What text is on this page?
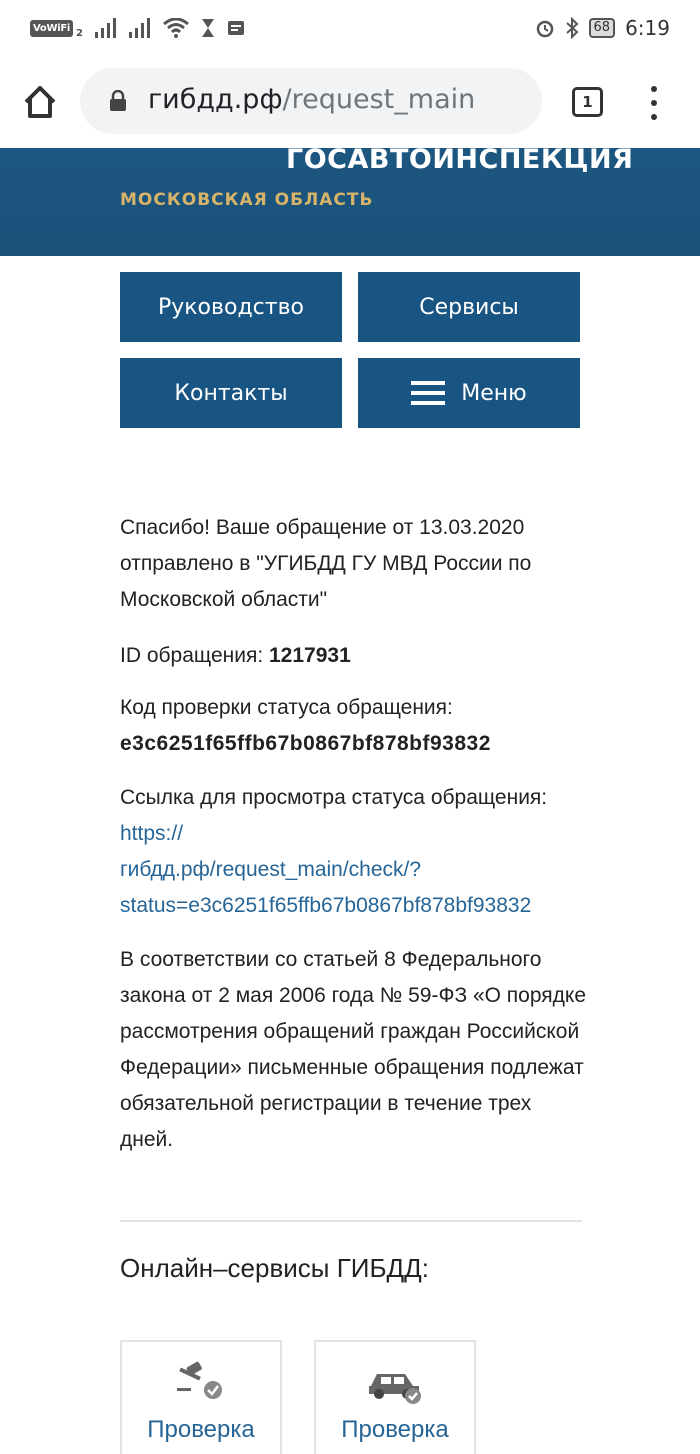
VoWiFi 2	68 6:19
гибдд.рф/request_main	1
ГОСАВТОИНСПЕКЦИЯ
МОСКОВСКАЯ ОБЛАСТЬ
Руководство	Сервисы
Контакты	Меню

Спасибо! Ваше обращение от 13.03.2020 отправлено в "УГИБДД ГУ МВД России по Московской области"

ID обращения: 1217931

Код проверки статуса обращения:

e3c6251f65ffb67b0867bf878bf93832

Ссылка для просмотра статуса обращения: https://
гибдд.рф/request_main/check/?
status=e3c6251f65ffb67b0867bf878bf93832

В соответствии со статьей 8 Федерального закона от 2 мая 2006 года № 59-ФЗ «О порядке рассмотрения обращений граждан Российской Федерации» письменные обращения подлежат обязательной регистрации в течение трех дней.

Онлайн–сервисы ГИБДД:
Проверка	Проверка
